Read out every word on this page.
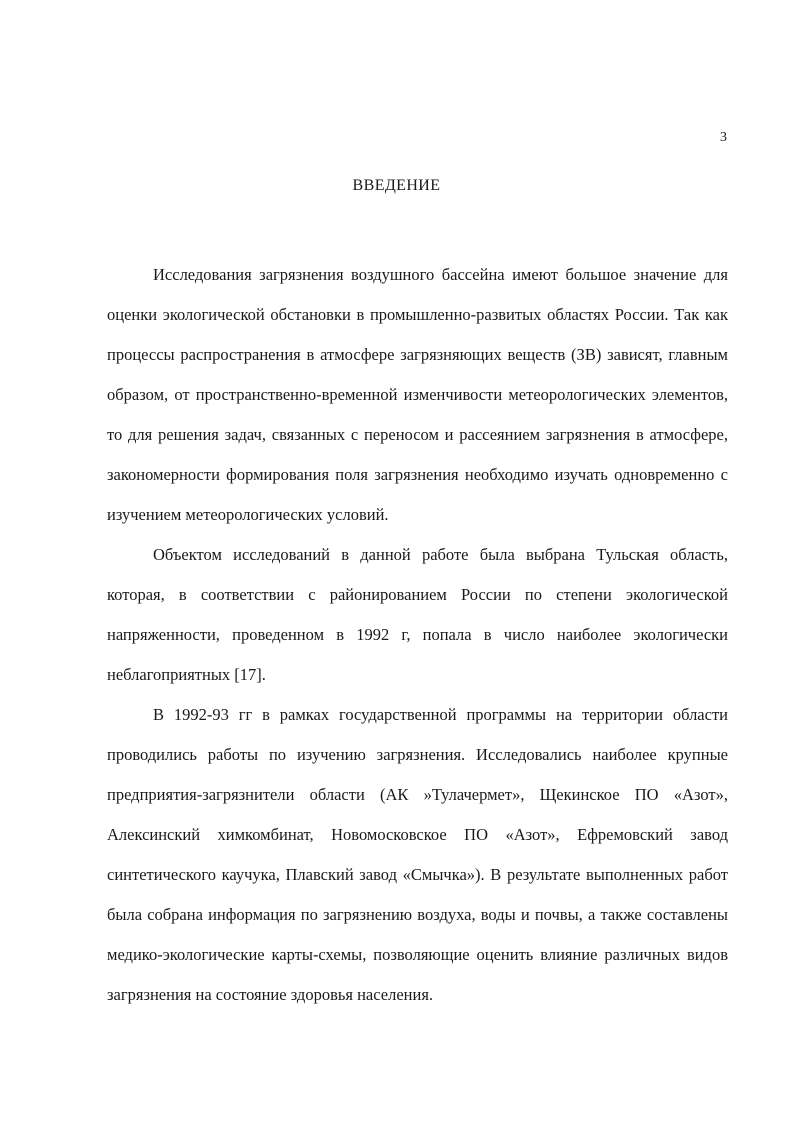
3
ВВЕДЕНИЕ

Исследования загрязнения воздушного бассейна имеют большое значение для оценки экологической обстановки в промышленно-развитых областях России. Так как процессы распространения в атмосфере загрязняющих веществ (ЗВ) зависят, главным образом, от пространственно-временной изменчивости метеорологических элементов, то для решения задач, связанных с переносом и рассеянием загрязнения в атмосфере, закономерности формирования поля загрязнения необходимо изучать одновременно с изучением метеорологических условий.

Объектом исследований в данной работе была выбрана Тульская область, которая, в соответствии с районированием России по степени экологической напряженности, проведенном в 1992 г, попала в число наиболее экологически неблагоприятных [17].

В 1992-93 гг в рамках государственной программы на территории области проводились работы по изучению загрязнения. Исследовались наиболее крупные предприятия-загрязнители области (АК »Тулачермет», Щекинское ПО «Азот», Алексинский химкомбинат, Новомосковское ПО «Азот», Ефремовский завод синтетического каучука, Плавский завод «Смычка»). В результате выполненных работ была собрана информация по загрязнению воздуха, воды и почвы, а также составлены медико-экологические карты-схемы, позволяющие оценить влияние различных видов загрязнения на состояние здоровья населения.
